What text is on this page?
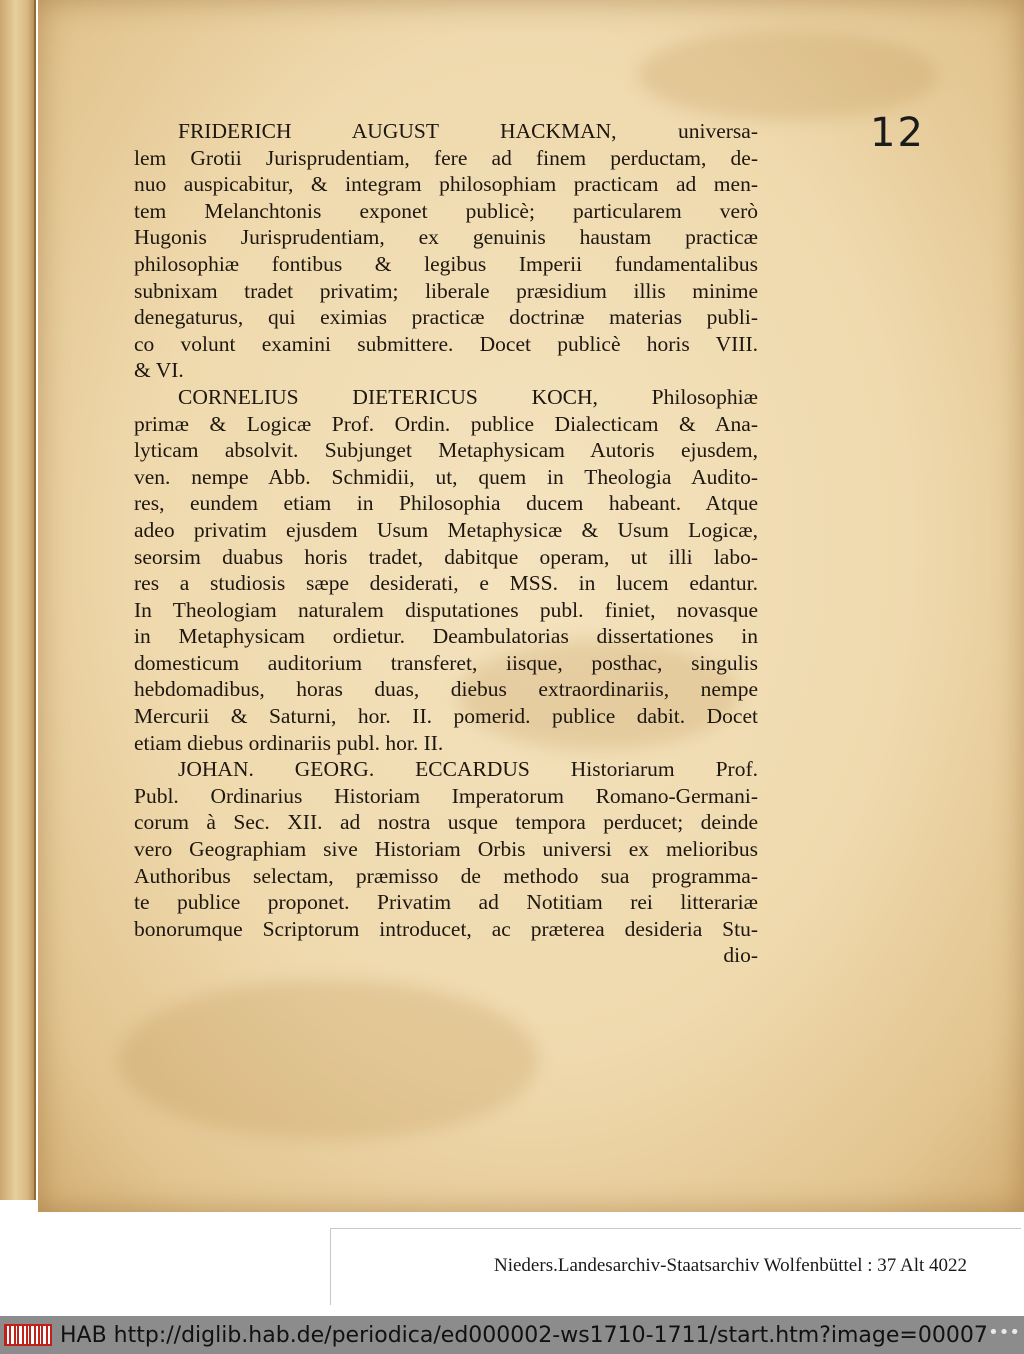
12

FRIDERICH AUGUST HACKMAN, universa-
lem Grotii Jurisprudentiam, fere ad finem perductam, de-
nuo auspicabitur, & integram philosophiam practicam ad men-
tem Melanchtonis exponet publicè; particularem verò
Hugonis Jurisprudentiam, ex genuinis haustam practicæ
philosophiæ fontibus & legibus Imperii fundamentalibus
subnixam tradet privatim; liberale præsidium illis minime
denegaturus, qui eximias practicæ doctrinæ materias publi-
co volunt examini submittere. Docet publicè horis VIII.
& VI.

CORNELIUS DIETERICUS KOCH, Philosophiæ
primæ & Logicæ Prof. Ordin. publice Dialecticam & Ana-
lyticam absolvit. Subjunget Metaphysicam Autoris ejusdem,
ven. nempe Abb. Schmidii, ut, quem in Theologia Audito-
res, eundem etiam in Philosophia ducem habeant. Atque
adeo privatim ejusdem Usum Metaphysicæ & Usum Logicæ,
seorsim duabus horis tradet, dabitque operam, ut illi labo-
res a studiosis sæpe desiderati, e MSS. in lucem edantur.
In Theologiam naturalem disputationes publ. finiet, novasque
in Metaphysicam ordietur. Deambulatorias dissertationes in
domesticum auditorium transferet, iisque, posthac, singulis
hebdomadibus, horas duas, diebus extraordinariis, nempe
Mercurii & Saturni, hor. II. pomerid. publice dabit. Docet
etiam diebus ordinariis publ. hor. II.

JOHAN. GEORG. ECCARDUS Historiarum Prof.
Publ. Ordinarius Historiam Imperatorum Romano-Germani-
corum à Sec. XII. ad nostra usque tempora perducet; deinde
vero Geographiam sive Historiam Orbis universi ex melioribus
Authoribus selectam, præmisso de methodo sua programma-
te publice proponet. Privatim ad Notitiam rei litterariæ
bonorumque Scriptorum introducet, ac præterea desideria Stu-
dio-

Nieders.Landesarchiv-Staatsarchiv Wolfenbüttel : 37 Alt 4022
HAB http://diglib.hab.de/periodica/ed000002-ws1710-1711/start.htm?image=00007 •••
